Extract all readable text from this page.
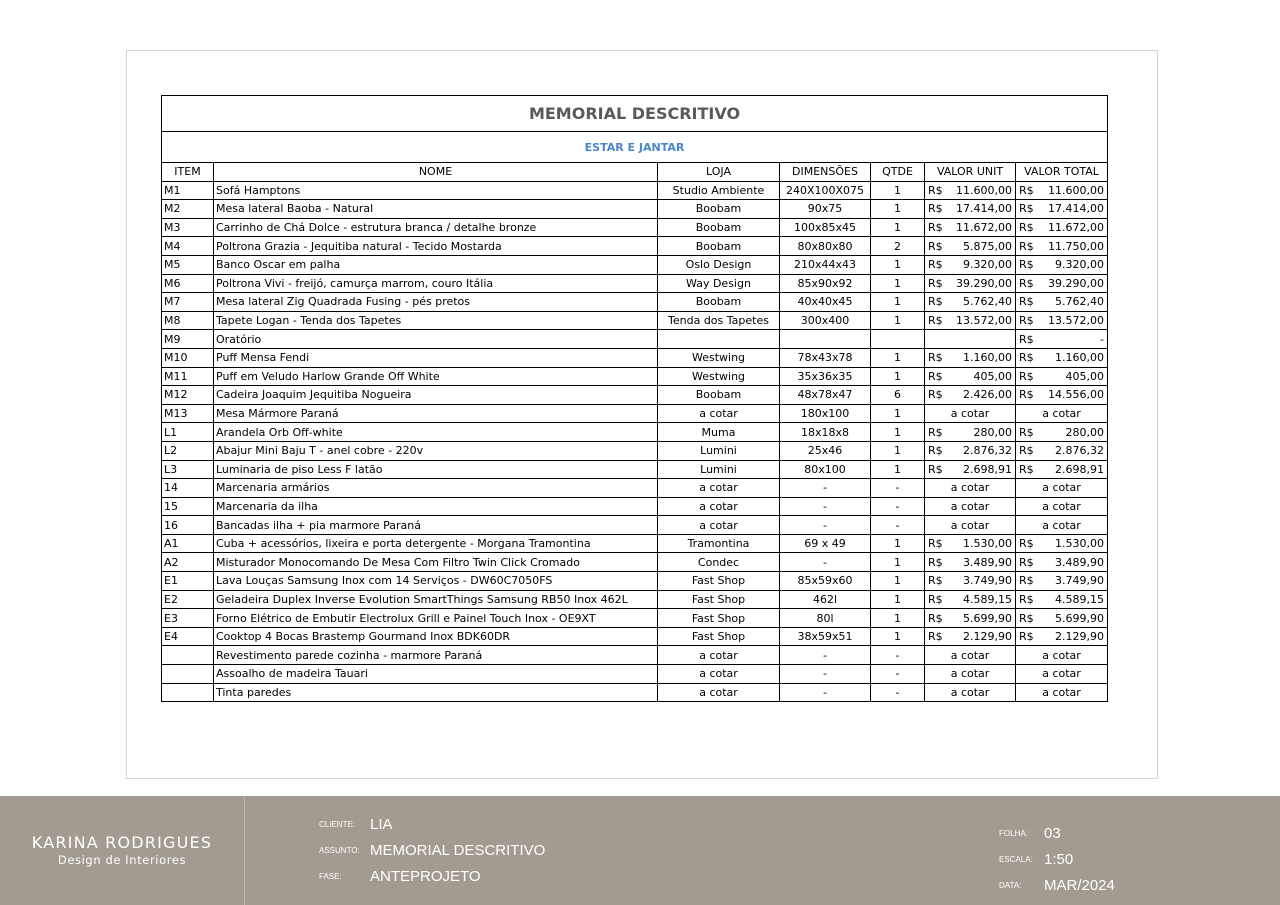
MEMORIAL DESCRITIVO						
ESTAR E JANTAR						
ITEM	NOME	LOJA	DIMENSÕES	QTDE	VALOR UNIT	VALOR TOTAL
M1	Sofá Hamptons	Studio Ambiente	240X100X075	1	R$ 11.600,00	R$ 11.600,00

M2	Mesa lateral Baoba - Natural	Boobam	90x75	1	R$ 17.414,00	R$ 17.414,00

M3	Carrinho de Chá Dolce - estrutura branca / detalhe bronze	Boobam	100x85x45	1	R$ 11.672,00	R$ 11.672,00

M4	Poltrona Grazia - Jequitiba natural - Tecido Mostarda	Boobam	80x80x80	2	R$ 5.875,00	R$ 11.750,00

M5	Banco Oscar em palha	Oslo Design	210x44x43	1	R$ 9.320,00	R$ 9.320,00

M6	Poltrona Vivi - freijó, camurça marrom, couro Itália	Way Design	85x90x92	1	R$ 39.290,00	R$ 39.290,00

M7	Mesa lateral Zig Quadrada Fusing - pés pretos	Boobam	40x40x45	1	R$ 5.762,40	R$ 5.762,40

M8	Tapete Logan - Tenda dos Tapetes	Tenda dos Tapetes	300x400	1	R$ 13.572,00	R$ 13.572,00

M9	Oratório					R$ -

M10	Puff Mensa Fendi	Westwing	78x43x78	1	R$ 1.160,00	R$ 1.160,00

M11	Puff em Veludo Harlow Grande Off White	Westwing	35x36x35	1	R$ 405,00	R$ 405,00

M12	Cadeira Joaquim Jequitiba Nogueira	Boobam	48x78x47	6	R$ 2.426,00	R$ 14.556,00

M13	Mesa Mármore Paraná	a cotar	180x100	1	a cotar	a cotar
L1	Arandela Orb Off-white	Muma	18x18x8	1	R$ 280,00	R$ 280,00

L2	Abajur Mini Baju T - anel cobre - 220v	Lumini	25x46	1	R$ 2.876,32	R$ 2.876,32

L3	Luminaria de piso Less F latão	Lumini	80x100	1	R$ 2.698,91	R$ 2.698,91

14	Marcenaria armários	a cotar	-	-	a cotar	a cotar
15	Marcenaria da ilha	a cotar	-	-	a cotar	a cotar
16	Bancadas ilha + pia marmore Paraná	a cotar	-	-	a cotar	a cotar
A1	Cuba + acessórios, lixeira e porta detergente - Morgana Tramontina	Tramontina	69 x 49	1	R$ 1.530,00	R$ 1.530,00

A2	Misturador Monocomando De Mesa Com Filtro Twin Click Cromado	Condec	-	1	R$ 3.489,90	R$ 3.489,90

E1	Lava Louças Samsung Inox com 14 Serviços - DW60C7050FS	Fast Shop	85x59x60	1	R$ 3.749,90	R$ 3.749,90

E2	Geladeira Duplex Inverse Evolution SmartThings Samsung RB50 Inox 462L	Fast Shop	462l	1	R$ 4.589,15	R$ 4.589,15

E3	Forno Elétrico de Embutir Electrolux Grill e Painel Touch Inox - OE9XT	Fast Shop	80l	1	R$ 5.699,90	R$ 5.699,90

E4	Cooktop 4 Bocas Brastemp Gourmand Inox BDK60DR	Fast Shop	38x59x51	1	R$ 2.129,90	R$ 2.129,90

	Revestimento parede cozinha - marmore Paraná	a cotar	-	-	a cotar	a cotar
	Assoalho de madeira Tauari	a cotar	-	-	a cotar	a cotar
	Tinta paredes	a cotar	-	-	a cotar	a cotar
KARINA RODRIGUES
Design de Interiores
CLIENTE: LIA
ASSUNTO: MEMORIAL DESCRITIVO
FASE: ANTEPROJETO
FOLHA: 03
ESCALA: 1:50
DATA: MAR/2024
